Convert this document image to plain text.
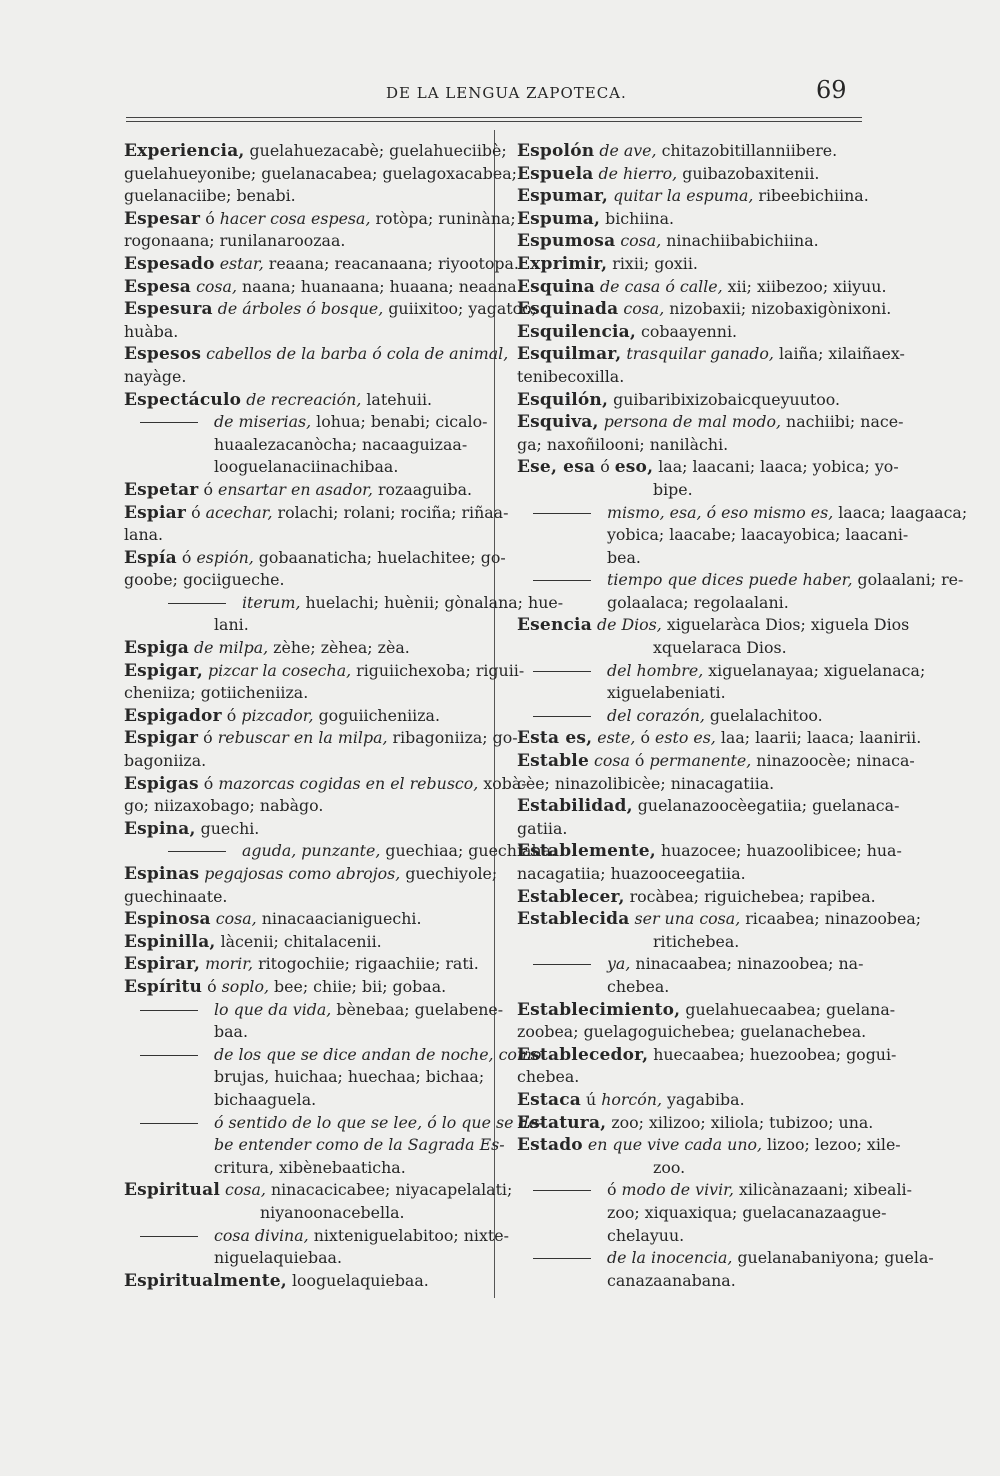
DE LA LENGUA ZAPOTECA.	69
Experiencia, guelahuezacabè; guelahueciibè;
guelahueyonibe; guelanacabea; guelagoxacabea;
guelanaciibe; benabi.
Espesar ó hacer cosa espesa, rotòpa; runinàna;
rogonaana; runilanaroozaa.
Espesado estar, reaana; reacanaana; riyootopa.
Espesa cosa, naana; huanaana; huaana; neaana.
Espesura de árboles ó bosque, guiixitoo; yagatoo;
huàba.
Espesos cabellos de la barba ó cola de animal,
nayàge.
Espectáculo de recreación, latehuii.
de miserias, lohua; benabi; cicalo-
huaalezacanòcha; nacaaguizaa-
looguelanaciinachibaa.
Espetar ó ensartar en asador, rozaaguiba.
Espiar ó acechar, rolachi; rolani; rociña; riñaa-
lana.
Espía ó espión, gobaanaticha; huelachitee; go-
goobe; gociigueche.
iterum, huelachi; huènii; gònalana; hue-
lani.
Espiga de milpa, zèhe; zèhea; zèa.
Espigar, pizcar la cosecha, riguiichexoba; riguii-
cheniiza; gotiicheniiza.
Espigador ó pizcador, goguiicheniiza.
Espigar ó rebuscar en la milpa, ribagoniiza; go-
bagoniiza.
Espigas ó mazorcas cogidas en el rebusco, xobà-
go; niizaxobago; nabàgo.
Espina, guechi.
aguda, punzante, guechiaa; guechiaha.
Espinas pegajosas como abrojos, guechiyole;
guechinaate.
Espinosa cosa, ninacaacianiguechi.
Espinilla, làcenii; chitalacenii.
Espirar, morir, ritogochiie; rigaachiie; rati.
Espíritu ó soplo, bee; chiie; bii; gobaa.
lo que da vida, bènebaa; guelabene-
baa.
de los que se dice andan de noche, como
brujas, huichaa; huechaa; bichaa;
bichaaguela.
ó sentido de lo que se lee, ó lo que se de-
be entender como de la Sagrada Es-
critura, xibènebaaticha.
Espiritual cosa, ninacacicabee; niyacapelalati;
niyanoonacebella.
cosa divina, nixteniguelabitoo; nixte-
niguelaquiebaa.
Espiritualmente, looguelaquiebaa.
Espolón de ave, chitazobitillanniibere.
Espuela de hierro, guibazobaxitenii.
Espumar, quitar la espuma, ribeebichiina.
Espuma, bichiina.
Espumosa cosa, ninachiibabichiina.
Exprimir, rixii; goxii.
Esquina de casa ó calle, xii; xiibezoo; xiiyuu.
Esquinada cosa, nizobaxii; nizobaxigònixoni.
Esquilencia, cobaayenni.
Esquilmar, trasquilar ganado, laiña; xilaiñaex-
tenibecoxilla.
Esquilón, guibaribixizobaicqueyuutoo.
Esquiva, persona de mal modo, nachiibi; nace-
ga; naxoñilooni; nanilàchi.
Ese, esa ó eso, laa; laacani; laaca; yobica; yo-
bipe.
mismo, esa, ó eso mismo es, laaca; laagaaca;
yobica; laacabe; laacayobica; laacani-
bea.
tiempo que dices puede haber, golaalani; re-
golaalaca; regolaalani.
Esencia de Dios, xiguelaràca Dios; xiguela Dios
xquelaraca Dios.
del hombre, xiguelanayaa; xiguelanaca;
xiguelabeniati.
del corazón, guelalachitoo.
Esta es, este, ó esto es, laa; laarii; laaca; laanirii.
Estable cosa ó permanente, ninazoocèe; ninaca-
cèe; ninazolibicèe; ninacagatiia.
Estabilidad, guelanazoocèegatiia; guelanaca-
gatiia.
Establemente, huazocee; huazoolibicee; hua-
nacagatiia; huazooceegatiia.
Establecer, rocàbea; riguichebea; rapibea.
Establecida ser una cosa, ricaabea; ninazoobea;
ritichebea.
ya, ninacaabea; ninazoobea; na-
chebea.
Establecimiento, guelahuecaabea; guelana-
zoobea; guelagoguichebea; guelanachebea.
Establecedor, huecaabea; huezoobea; gogui-
chebea.
Estaca ú horcón, yagabiba.
Estatura, zoo; xilizoo; xiliola; tubizoo; una.
Estado en que vive cada uno, lizoo; lezoo; xile-
zoo.
ó modo de vivir, xilicànazaani; xibeali-
zoo; xiquaxiqua; guelacanazaague-
chelayuu.
de la inocencia, guelanabaniyona; guela-
canazaanabana.
